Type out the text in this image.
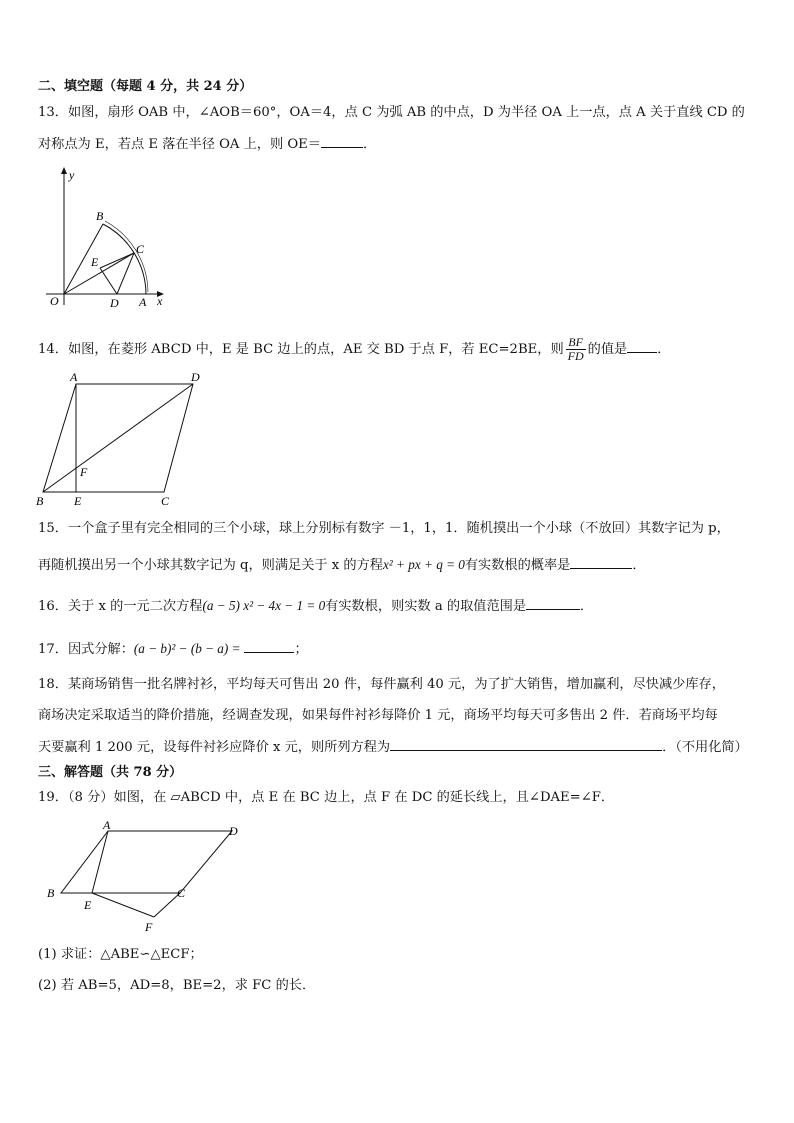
二、填空题（每题 4 分，共 24 分）
13．如图，扇形 OAB 中，∠AOB＝60°，OA＝4，点 C 为弧 AB 的中点，D 为半径 OA 上一点，点 A 关于直线 CD 的
对称点为 E，若点 E 落在半径 OA 上，则 OE＝	．
y
x
O	A
B
C
D
E
14．如图，在菱形 ABCD 中，E 是 BC 边上的点，AE 交 BD 于点 F，若 EC=2BE，则 $\frac{BF}{FD}$ 的值是 ．
A	D
B	E	C
F
15．一个盒子里有完全相同的三个小球，球上分别标有数字 －1，1，1．随机摸出一个小球（不放回）其数字记为 p，
再随机摸出另一个小球其数字记为 q，则满足关于 x 的方程x² + px + q = 0有实数根的概率是	．
16．关于 x 的一元二次方程(a − 5) x² − 4x − 1 = 0有实数根，则实数 a 的取值范围是	．
17．因式分解：(a − b)² − (b − a) =	；
18．某商场销售一批名牌衬衫，平均每天可售出 20 件，每件赢利 40 元，为了扩大销售，增加赢利，尽快减少库存，
商场决定采取适当的降价措施，经调查发现，如果每件衬衫每降价 1 元，商场平均每天可多售出 2 件．若商场平均每
天要赢利 1 200 元，设每件衬衫应降价 x 元，则所列方程为	．（不用化简）
三、解答题（共 78 分）
19．（8 分）如图，在 ▱ABCD 中，点 E 在 BC 边上，点 F 在 DC 的延长线上，且∠DAE=∠F．
A	D
B
E
C
F
(1) 求证：△ABE∽△ECF；
(2) 若 AB=5，AD=8，BE=2，求 FC 的长．
